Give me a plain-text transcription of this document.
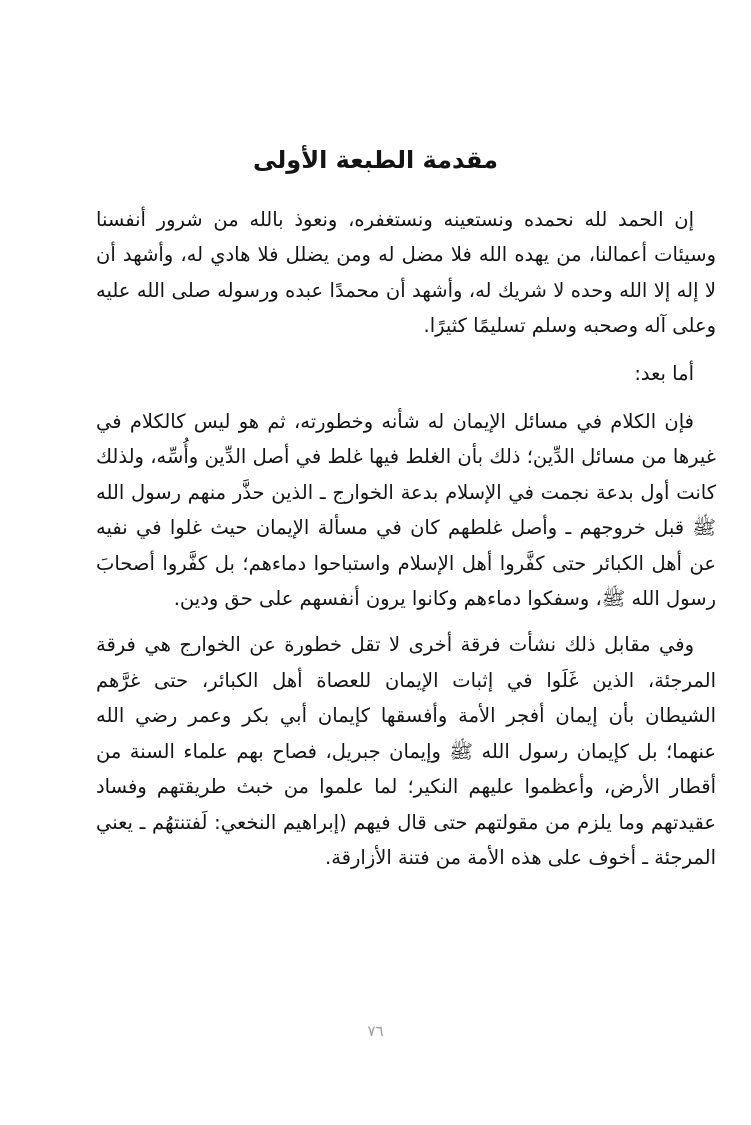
مقدمة الطبعة الأولى

إن الحمد لله نحمده ونستعينه ونستغفره، ونعوذ بالله من شرور أنفسنا وسيئات أعمالنا، من يهده الله فلا مضل له ومن يضلل فلا هادي له، وأشهد أن لا إله إلا الله وحده لا شريك له، وأشهد أن محمدًا عبده ورسوله صلى الله عليه وعلى آله وصحبه وسلم تسليمًا كثيرًا.

أما بعد:

فإن الكلام في مسائل الإيمان له شأنه وخطورته، ثم هو ليس كالكلام في غيرها من مسائل الدِّين؛ ذلك بأن الغلط فيها غلط في أصل الدِّين وأُسِّه، ولذلك كانت أول بدعة نجمت في الإسلام بدعة الخوارج ـ الذين حذَّر منهم رسول الله ﷺ قبل خروجهم ـ وأصل غلطهم كان في مسألة الإيمان حيث غلوا في نفيه عن أهل الكبائر حتى كفَّروا أهل الإسلام واستباحوا دماءهم؛ بل كفَّروا أصحابَ رسول الله ﷺ، وسفكوا دماءهم وكانوا يرون أنفسهم على حق ودين.

وفي مقابل ذلك نشأت فرقة أخرى لا تقل خطورة عن الخوارج هي فرقة المرجئة، الذين غَلَوا في إثبات الإيمان للعصاة أهل الكبائر، حتى غرَّهم الشيطان بأن إيمان أفجر الأمة وأفسقها كإيمان أبي بكر وعمر رضي الله عنهما؛ بل كإيمان رسول الله ﷺ وإيمان جبريل، فصاح بهم علماء السنة من أقطار الأرض، وأعظموا عليهم النكير؛ لما علموا من خبث طريقتهم وفساد عقيدتهم وما يلزم من مقولتهم حتى قال فيهم (إبراهيم النخعي: لَفتنتهُم ـ يعني المرجئة ـ أخوف على هذه الأمة من فتنة الأزارقة.

٧٦
